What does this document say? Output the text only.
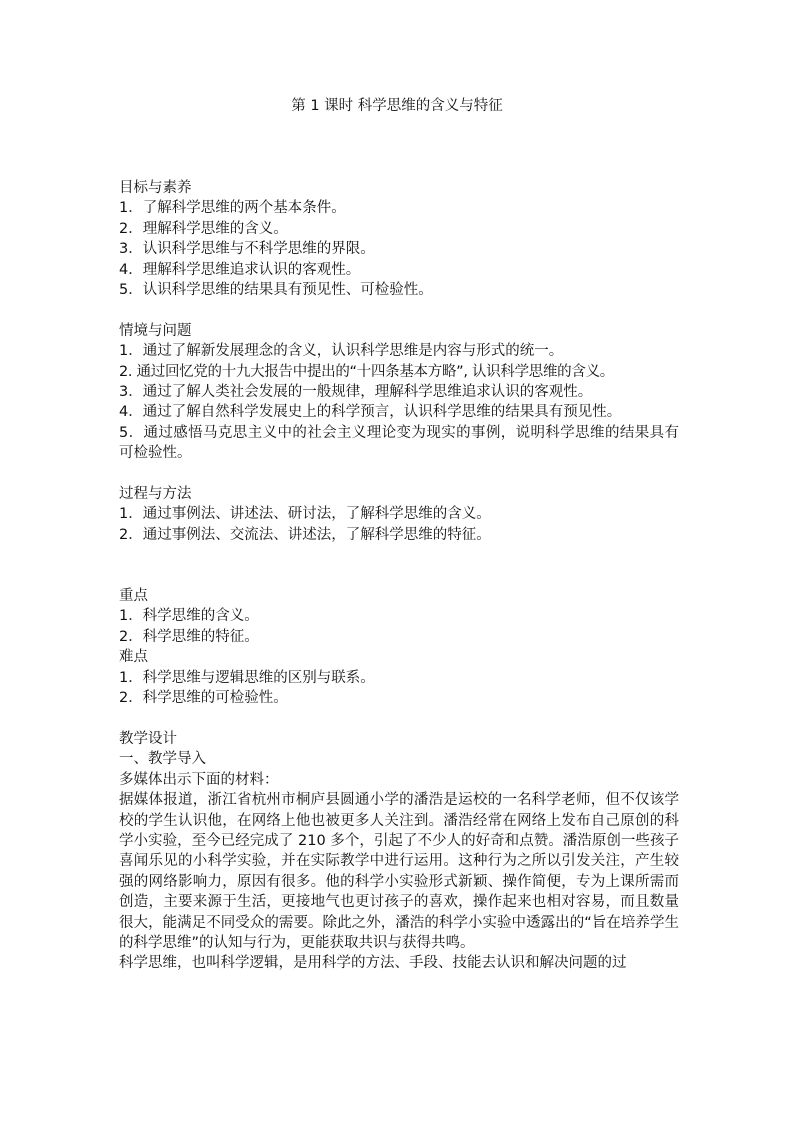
第 1 课时 科学思维的含义与特征

目标与素养

1．了解科学思维的两个基本条件。

2．理解科学思维的含义。

3．认识科学思维与不科学思维的界限。

4．理解科学思维追求认识的客观性。

5．认识科学思维的结果具有预见性、可检验性。

情境与问题

1．通过了解新发展理念的含义，认识科学思维是内容与形式的统一。

2. 通过回忆党的十九大报告中提出的“十四条基本方略”, 认识科学思维的含义。

3．通过了解人类社会发展的一般规律，理解科学思维追求认识的客观性。

4．通过了解自然科学发展史上的科学预言，认识科学思维的结果具有预见性。

5．通过感悟马克思主义中的社会主义理论变为现实的事例，说明科学思维的结果具有可检验性。

过程与方法

1．通过事例法、讲述法、研讨法，了解科学思维的含义。

2．通过事例法、交流法、讲述法，了解科学思维的特征。

重点

1．科学思维的含义。

2．科学思维的特征。

难点

1．科学思维与逻辑思维的区别与联系。

2．科学思维的可检验性。

教学设计

一、教学导入

多媒体出示下面的材料：

据媒体报道，浙江省杭州市桐庐县圆通小学的潘浩是运校的一名科学老师，但不仅该学校的学生认识他，在网络上他也被更多人关注到。潘浩经常在网络上发布自己原创的科学小实验，至今已经完成了 210 多个，引起了不少人的好奇和点赞。潘浩原创一些孩子喜闻乐见的小科学实验，并在实际教学中进行运用。这种行为之所以引发关注，产生较强的网络影响力，原因有很多。他的科学小实验形式新颖、操作简便，专为上课所需而创造，主要来源于生活，更接地气也更讨孩子的喜欢，操作起来也相对容易，而且数量很大，能满足不同受众的需要。除此之外，潘浩的科学小实验中透露出的“旨在培养学生的科学思维”的认知与行为，更能获取共识与获得共鸣。

科学思维，也叫科学逻辑，是用科学的方法、手段、技能去认识和解决问题的过
